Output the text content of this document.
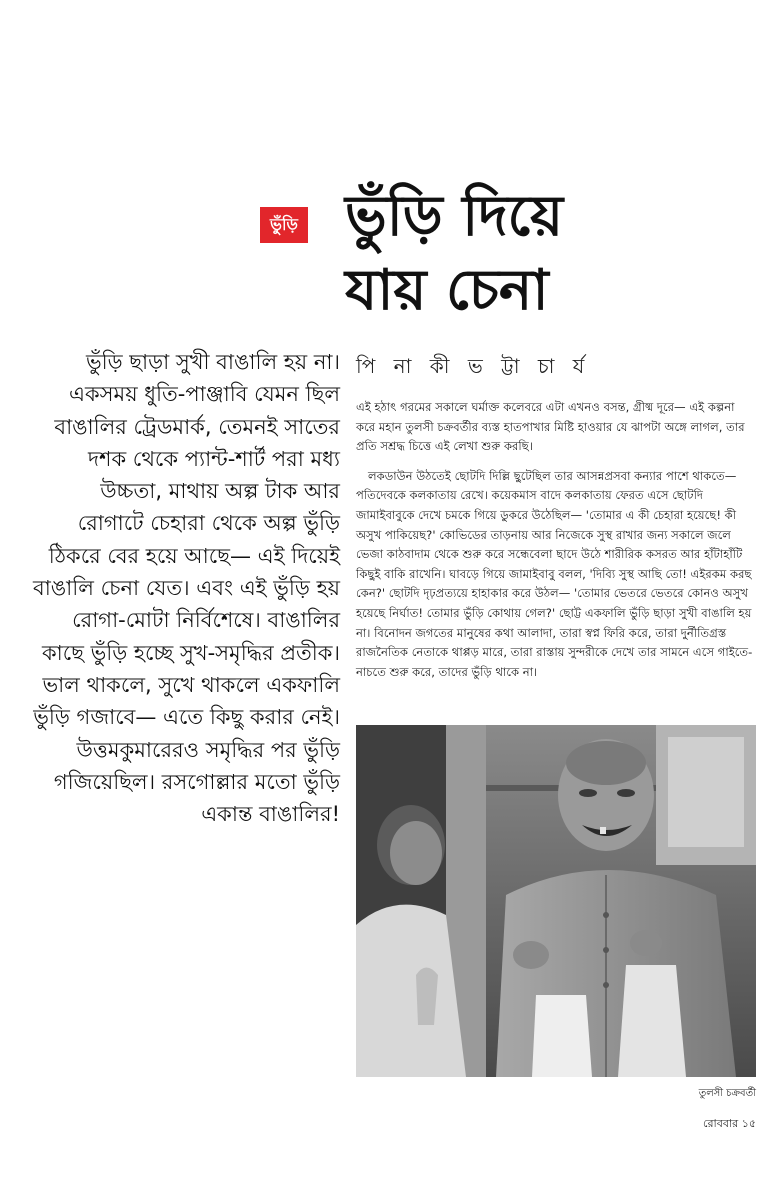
ভুঁড়ি ভুঁড়ি দিয়ে
যায় চেনা

ভুঁড়ি ছাড়া সুখী বাঙালি হয় না। একসময় ধুতি-পাঞ্জাবি যেমন ছিল বাঙালির ট্রেডমার্ক, তেমনই সাতের দশক থেকে প্যান্ট-শার্ট পরা মধ্য উচ্চতা, মাথায় অল্প টাক আর রোগাটে চেহারা থেকে অল্প ভুঁড়ি ঠিকরে বের হয়ে আছে— এই দিয়েই বাঙালি চেনা যেত। এবং এই ভুঁড়ি হয় রোগা-মোটা নির্বিশেষে। বাঙালির কাছে ভুঁড়ি হচ্ছে সুখ-সমৃদ্ধির প্রতীক। ভাল থাকলে, সুখে থাকলে একফালি ভুঁড়ি গজাবে— এতে কিছু করার নেই। উত্তমকুমারেরও সমৃদ্ধির পর ভুঁড়ি গজিয়েছিল। রসগোল্লার মতো ভুঁড়ি একান্ত বাঙালির!

পি না কী ভ ট্টা চা র্য

এই হঠাৎ গরমের সকালে ঘর্মাক্ত কলেবরে এটা এখনও বসন্ত, গ্রীষ্ম দূরে— এই কল্পনা করে মহান তুলসী চক্রবর্তীর ব্যস্ত হাতপাখার মিষ্টি হাওয়ার যে ঝাপটা অঙ্গে লাগল, তার প্রতি সশ্রদ্ধ চিত্তে এই লেখা শুরু করছি।

লকডাউন উঠতেই ছোটদি দিল্লি ছুটেছিল তার আসন্নপ্রসবা কন্যার পাশে থাকতে— পতিদেবকে কলকাতায় রেখে। কয়েকমাস বাদে কলকাতায় ফেরত এসে ছোটদি জামাইবাবুকে দেখে চমকে গিয়ে ডুকরে উঠেছিল— 'তোমার এ কী চেহারা হয়েছে! কী অসুখ পাকিয়েছ?' কোভিডের তাড়নায় আর নিজেকে সুস্থ রাখার জন্য সকালে জলে ভেজা কাঠবাদাম থেকে শুরু করে সন্ধেবেলা ছাদে উঠে শারীরিক কসরত আর হাঁটাহাঁটি কিছুই বাকি রাখেনি। ঘাবড়ে গিয়ে জামাইবাবু বলল, 'দিব্যি সুস্থ আছি তো! এইরকম করছ কেন?' ছোটদি দৃঢ়প্রত্যয়ে হাহাকার করে উঠল— 'তোমার ভেতরে ভেতরে কোনও অসুখ হয়েছে নির্ঘাত! তোমার ভুঁড়ি কোথায় গেল?' ছোট্ট একফালি ভুঁড়ি ছাড়া সুখী বাঙালি হয় না। বিনোদন জগতের মানুষের কথা আলাদা, তারা স্বপ্ন ফিরি করে, তারা দুর্নীতিগ্রস্ত রাজনৈতিক নেতাকে থাপ্পড় মারে, তারা রাস্তায় সুন্দরীকে দেখে তার সামনে এসে গাইতে-নাচতে শুরু করে, তাদের ভুঁড়ি থাকে না।

তুলসী চক্রবর্তী
রোববার ১৫
